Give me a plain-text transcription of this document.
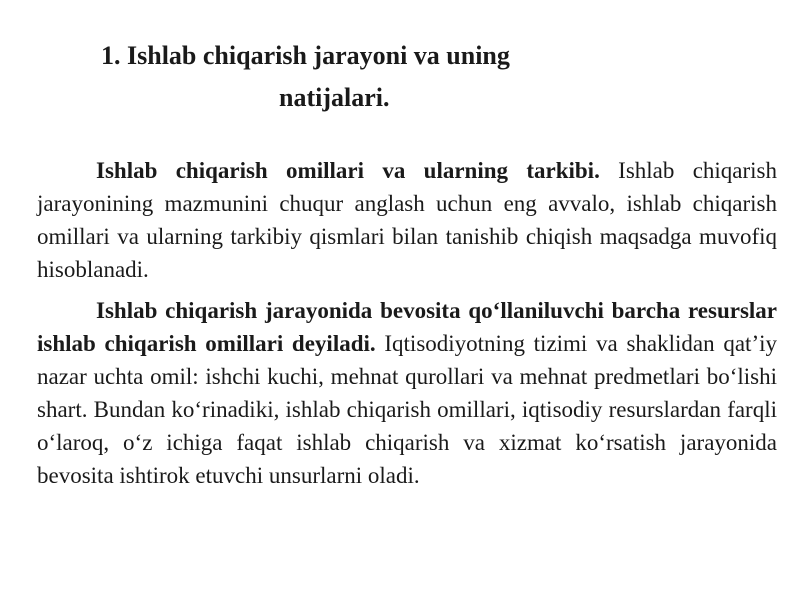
1. Ishlab chiqarish jarayoni va uning
natijalari.

Ishlab chiqarish omillari va ularning tarkibi. Ishlab chiqarish jarayonining mazmunini chuqur anglash uchun eng avvalo, ishlab chiqarish omillari va ularning tarkibiy qismlari bilan tanishib chiqish maqsadga muvofiq hisoblanadi.

Ishlab chiqarish jarayonida bevosita qo‘llaniluvchi barcha resurslar ishlab chiqarish omillari deyiladi. Iqtisodiyotning tizimi va shaklidan qat’iy nazar uchta omil: ishchi kuchi, mehnat qurollari va mehnat predmetlari bo‘lishi shart. Bundan ko‘rinadiki, ishlab chiqarish omillari, iqtisodiy resurslardan farqli o‘laroq, o‘z ichiga faqat ishlab chiqarish va xizmat ko‘rsatish jarayonida bevosita ishtirok etuvchi unsurlarni oladi.
